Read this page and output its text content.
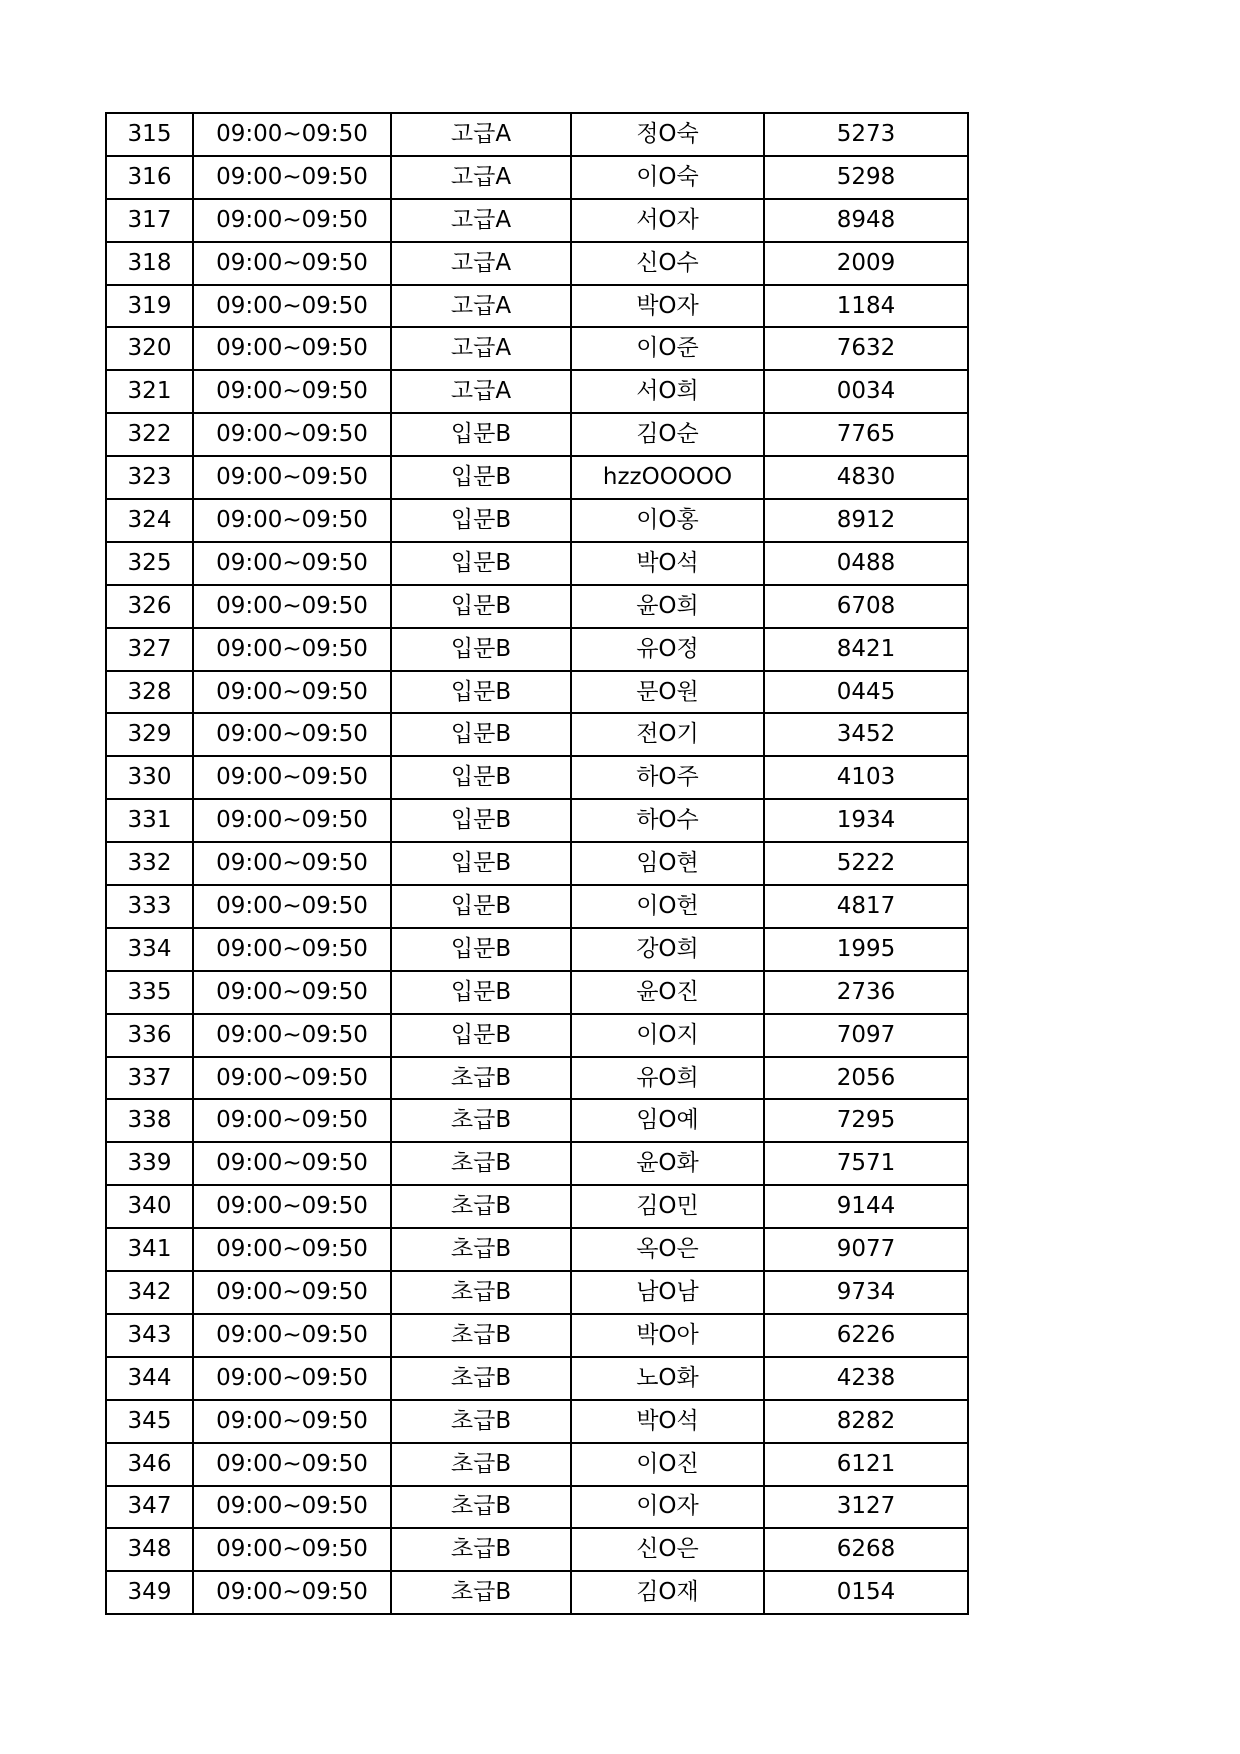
315	09:00~09:50	고급A	정O숙	5273
316	09:00~09:50	고급A	이O숙	5298
317	09:00~09:50	고급A	서O자	8948
318	09:00~09:50	고급A	신O수	2009
319	09:00~09:50	고급A	박O자	1184
320	09:00~09:50	고급A	이O준	7632
321	09:00~09:50	고급A	서O희	0034
322	09:00~09:50	입문B	김O순	7765
323	09:00~09:50	입문B	hzzOOOOO	4830
324	09:00~09:50	입문B	이O홍	8912
325	09:00~09:50	입문B	박O석	0488
326	09:00~09:50	입문B	윤O희	6708
327	09:00~09:50	입문B	유O정	8421
328	09:00~09:50	입문B	문O원	0445
329	09:00~09:50	입문B	전O기	3452
330	09:00~09:50	입문B	하O주	4103
331	09:00~09:50	입문B	하O수	1934
332	09:00~09:50	입문B	임O현	5222
333	09:00~09:50	입문B	이O헌	4817
334	09:00~09:50	입문B	강O희	1995
335	09:00~09:50	입문B	윤O진	2736
336	09:00~09:50	입문B	이O지	7097
337	09:00~09:50	초급B	유O희	2056
338	09:00~09:50	초급B	임O예	7295
339	09:00~09:50	초급B	윤O화	7571
340	09:00~09:50	초급B	김O민	9144
341	09:00~09:50	초급B	옥O은	9077
342	09:00~09:50	초급B	남O남	9734
343	09:00~09:50	초급B	박O아	6226
344	09:00~09:50	초급B	노O화	4238
345	09:00~09:50	초급B	박O석	8282
346	09:00~09:50	초급B	이O진	6121
347	09:00~09:50	초급B	이O자	3127
348	09:00~09:50	초급B	신O은	6268
349	09:00~09:50	초급B	김O재	0154
